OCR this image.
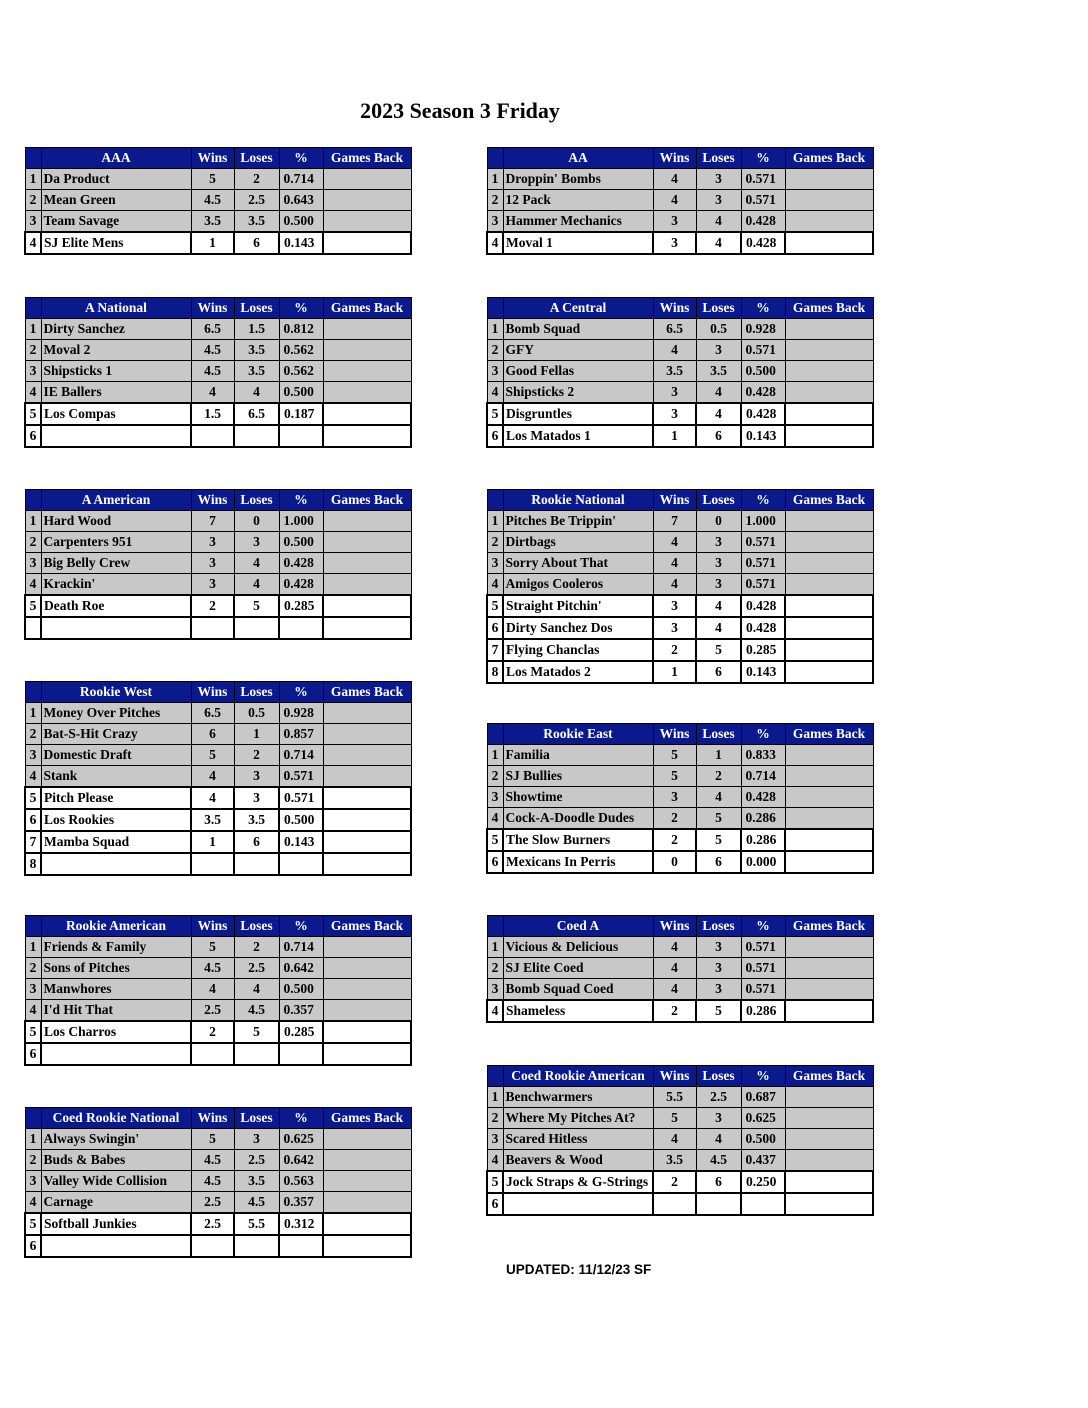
2023 Season 3 Friday
	AAA	Wins	Loses	%	Games Back
1	Da Product	5	2	0.714	
2	Mean Green	4.5	2.5	0.643	
3	Team Savage	3.5	3.5	0.500	
4	SJ Elite Mens	1	6	0.143	
	A National	Wins	Loses	%	Games Back
1	Dirty Sanchez	6.5	1.5	0.812	
2	Moval 2	4.5	3.5	0.562	
3	Shipsticks 1	4.5	3.5	0.562	
4	IE Ballers	4	4	0.500	
5	Los Compas	1.5	6.5	0.187	
6					
	A American	Wins	Loses	%	Games Back
1	Hard Wood	7	0	1.000	
2	Carpenters 951	3	3	0.500	
3	Big Belly Crew	3	4	0.428	
4	Krackin'	3	4	0.428	
5	Death Roe	2	5	0.285	

	Rookie West	Wins	Loses	%	Games Back
1	Money Over Pitches	6.5	0.5	0.928	
2	Bat-S-Hit Crazy	6	1	0.857	
3	Domestic Draft	5	2	0.714	
4	Stank	4	3	0.571	
5	Pitch Please	4	3	0.571	
6	Los Rookies	3.5	3.5	0.500	
7	Mamba Squad	1	6	0.143	
8					
	Rookie American	Wins	Loses	%	Games Back
1	Friends & Family	5	2	0.714	
2	Sons of Pitches	4.5	2.5	0.642	
3	Manwhores	4	4	0.500	
4	I'd Hit That	2.5	4.5	0.357	
5	Los Charros	2	5	0.285	
6					
	Coed Rookie National	Wins	Loses	%	Games Back
1	Always Swingin'	5	3	0.625	
2	Buds & Babes	4.5	2.5	0.642	
3	Valley Wide Collision	4.5	3.5	0.563	
4	Carnage	2.5	4.5	0.357	
5	Softball Junkies	2.5	5.5	0.312	
6					
	AA	Wins	Loses	%	Games Back
1	Droppin' Bombs	4	3	0.571	
2	12 Pack	4	3	0.571	
3	Hammer Mechanics	3	4	0.428	
4	Moval 1	3	4	0.428	
	A Central	Wins	Loses	%	Games Back
1	Bomb Squad	6.5	0.5	0.928	
2	GFY	4	3	0.571	
3	Good Fellas	3.5	3.5	0.500	
4	Shipsticks 2	3	4	0.428	
5	Disgruntles	3	4	0.428	
6	Los Matados 1	1	6	0.143	
	Rookie National	Wins	Loses	%	Games Back
1	Pitches Be Trippin'	7	0	1.000	
2	Dirtbags	4	3	0.571	
3	Sorry About That	4	3	0.571	
4	Amigos Cooleros	4	3	0.571	
5	Straight Pitchin'	3	4	0.428	
6	Dirty Sanchez Dos	3	4	0.428	
7	Flying Chanclas	2	5	0.285	
8	Los Matados 2	1	6	0.143	
	Rookie East	Wins	Loses	%	Games Back
1	Familia	5	1	0.833	
2	SJ Bullies	5	2	0.714	
3	Showtime	3	4	0.428	
4	Cock-A-Doodle Dudes	2	5	0.286	
5	The Slow Burners	2	5	0.286	
6	Mexicans In Perris	0	6	0.000	
	Coed A	Wins	Loses	%	Games Back
1	Vicious & Delicious	4	3	0.571	
2	SJ Elite Coed	4	3	0.571	
3	Bomb Squad Coed	4	3	0.571	
4	Shameless	2	5	0.286	
	Coed Rookie American	Wins	Loses	%	Games Back
1	Benchwarmers	5.5	2.5	0.687	
2	Where My Pitches At?	5	3	0.625	
3	Scared Hitless	4	4	0.500	
4	Beavers & Wood	3.5	4.5	0.437	
5	Jock Straps & G-Strings	2	6	0.250	
6					
UPDATED: 11/12/23 SF
